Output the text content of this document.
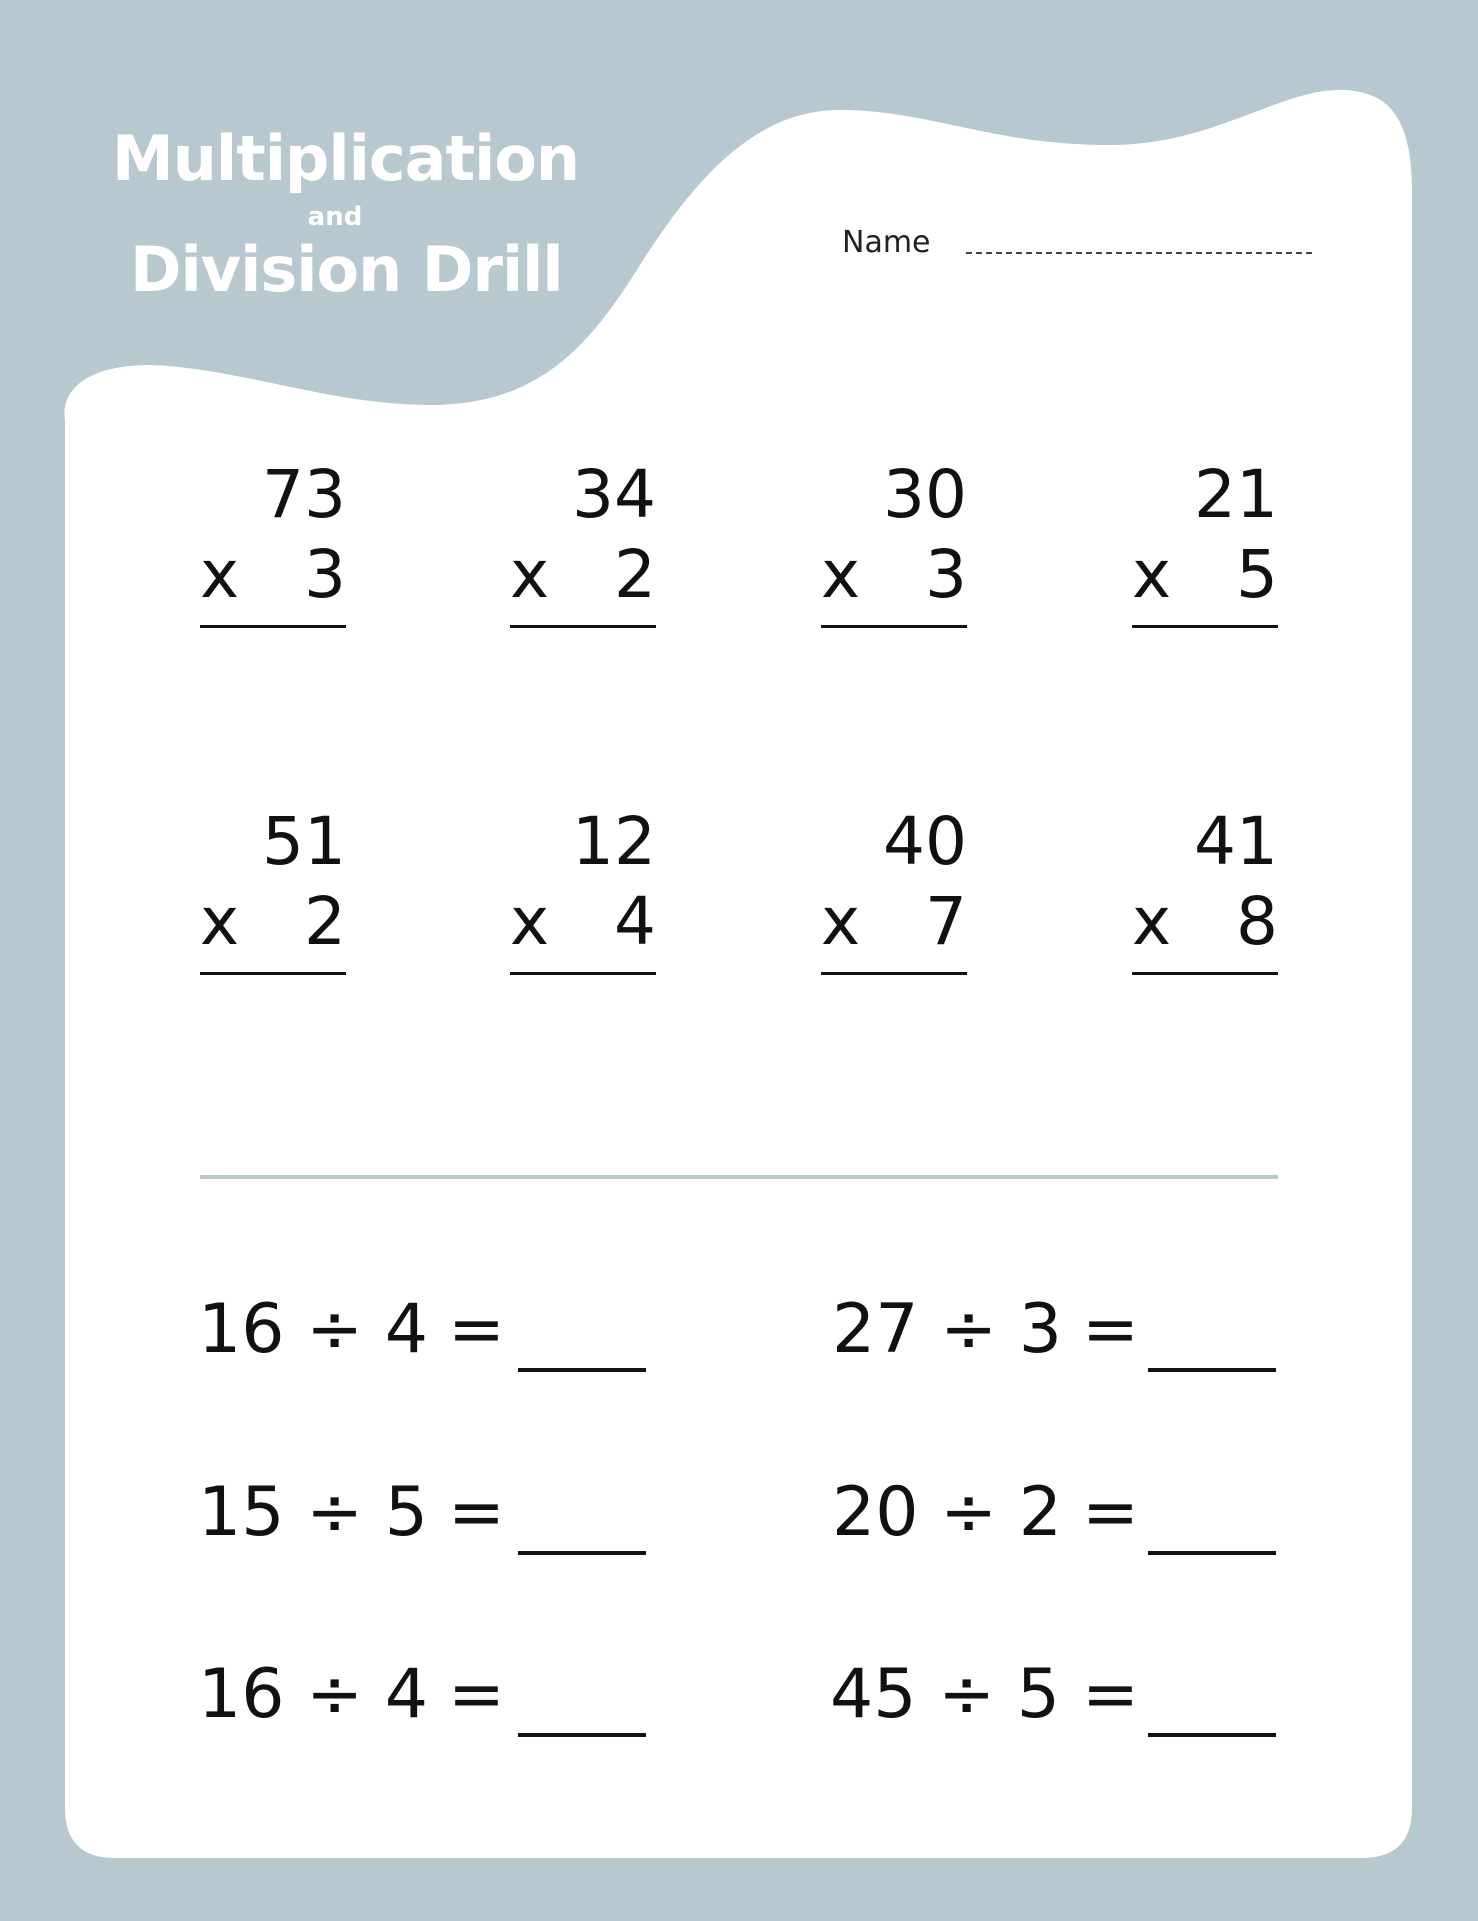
Multiplication
and
Division Drill	Name
73
x 3
34
x 2
30
x 3
21
x 5
51
x 2
12
x 4
40
x 7
41
x 8
16 ÷ 4 =	27 ÷ 3 =
15 ÷ 5 =	20 ÷ 2 =
16 ÷ 4 =	45 ÷ 5 =
